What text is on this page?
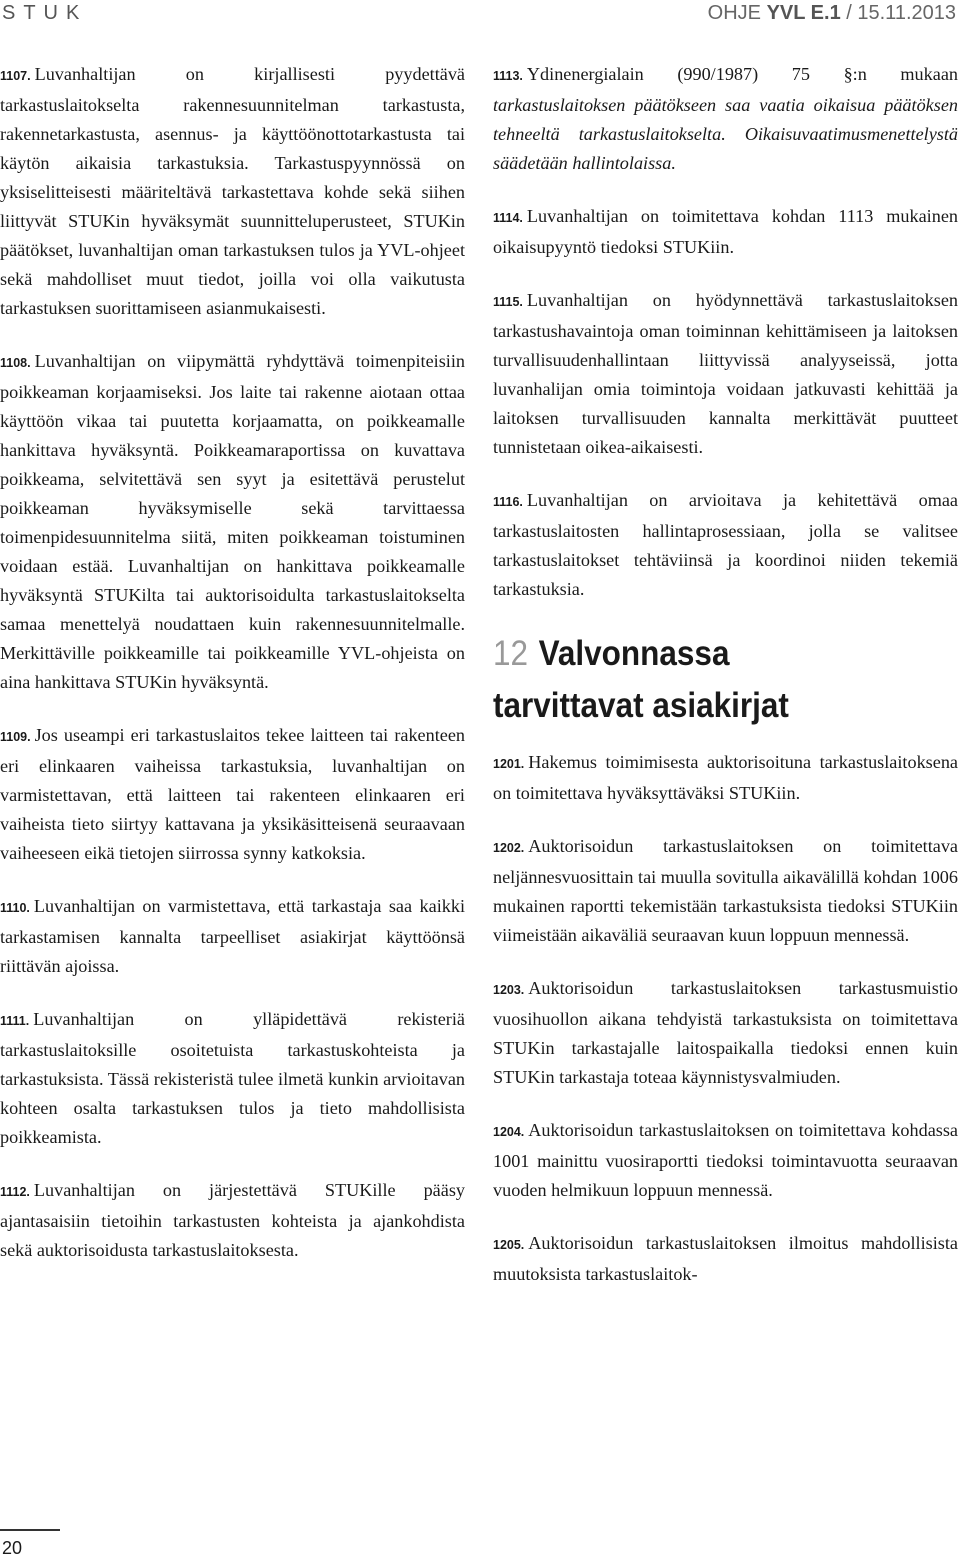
STUK	OHJE YVL E.1 / 15.11.2013

1107. Luvanhaltijan on kirjallisesti pyydettävä tarkastuslaitokselta rakennesuunnitelman tarkastusta, rakennetarkastusta, asennus- ja käyttöönottotarkastusta tai käytön aikaisia tarkastuksia. Tarkastuspyynnössä on yksiselitteisesti määriteltävä tarkastettava kohde sekä siihen liittyvät STUKin hyväksymät suunnitteluperusteet, STUKin päätökset, luvanhaltijan oman tarkastuksen tulos ja YVL-ohjeet sekä mahdolliset muut tiedot, joilla voi olla vaikutusta tarkastuksen suorittamiseen asianmukaisesti.

1108. Luvanhaltijan on viipymättä ryhdyttävä toimenpiteisiin poikkeaman korjaamiseksi. Jos laite tai rakenne aiotaan ottaa käyttöön vikaa tai puutetta korjaamatta, on poikkeamalle hankittava hyväksyntä. Poikkeamaraportissa on kuvattava poikkeama, selvitettävä sen syyt ja esitettävä perustelut poikkeaman hyväksymiselle sekä tarvittaessa toimenpidesuunnitelma siitä, miten poikkeaman toistuminen voidaan estää. Luvanhaltijan on hankittava poikkeamalle hyväksyntä STUKilta tai auktorisoidulta tarkastuslaitokselta samaa menettelyä noudattaen kuin rakennesuunnitelmalle. Merkittäville poikkeamille tai poikkeamille YVL-ohjeista on aina hankittava STUKin hyväksyntä.

1109. Jos useampi eri tarkastuslaitos tekee laitteen tai rakenteen eri elinkaaren vaiheissa tarkastuksia, luvanhaltijan on varmistettavan, että laitteen tai rakenteen elinkaaren eri vaiheista tieto siirtyy kattavana ja yksikäsitteisenä seuraavaan vaiheeseen eikä tietojen siirrossa synny katkoksia.

1110. Luvanhaltijan on varmistettava, että tarkastaja saa kaikki tarkastamisen kannalta tarpeelliset asiakirjat käyttöönsä riittävän ajoissa.

1111. Luvanhaltijan on ylläpidettävä rekisteriä tarkastuslaitoksille osoitetuista tarkastuskohteista ja tarkastuksista. Tässä rekisteristä tulee ilmetä kunkin arvioitavan kohteen osalta tarkastuksen tulos ja tieto mahdollisista poikkeamista.

1112. Luvanhaltijan on järjestettävä STUKille pääsy ajantasaisiin tietoihin tarkastusten kohteista ja ajankohdista sekä auktorisoidusta tarkastuslaitoksesta.

1113. Ydinenergialain (990/1987) 75 §:n mukaan tarkastuslaitoksen päätökseen saa vaatia oikaisua päätöksen tehneeltä tarkastuslaitokselta. Oikaisuvaatimusmenettelystä säädetään hallintolaissa.

1114. Luvanhaltijan on toimitettava kohdan 1113 mukainen oikaisupyyntö tiedoksi STUKiin.

1115. Luvanhaltijan on hyödynnettävä tarkastuslaitoksen tarkastushavaintoja oman toiminnan kehittämiseen ja laitoksen turvallisuudenhallintaan liittyvissä analyyseissä, jotta luvanhalijan omia toimintoja voidaan jatkuvasti kehittää ja laitoksen turvallisuuden kannalta merkittävät puutteet tunnistetaan oikea-aikaisesti.

1116. Luvanhaltijan on arvioitava ja kehitettävä omaa tarkastuslaitosten hallintaprosessiaan, jolla se valitsee tarkastuslaitokset tehtäviinsä ja koordinoi niiden tekemiä tarkastuksia.

12 Valvonnassa
tarvittavat asiakirjat

1201. Hakemus toimimisesta auktorisoituna tarkastuslaitoksena on toimitettava hyväksyttäväksi STUKiin.

1202. Auktorisoidun tarkastuslaitoksen on toimitettava neljännesvuosittain tai muulla sovitulla aikavälillä kohdan 1006 mukainen raportti tekemistään tarkastuksista tiedoksi STUKiin viimeistään aikaväliä seuraavan kuun loppuun mennessä.

1203. Auktorisoidun tarkastuslaitoksen tarkastusmuistio vuosihuollon aikana tehdyistä tarkastuksista on toimitettava STUKin tarkastajalle laitospaikalla tiedoksi ennen kuin STUKin tarkastaja toteaa käynnistysvalmiuden.

1204. Auktorisoidun tarkastuslaitoksen on toimitettava kohdassa 1001 mainittu vuosiraportti tiedoksi toimintavuotta seuraavan vuoden helmikuun loppuun mennessä.

1205. Auktorisoidun tarkastuslaitoksen ilmoitus mahdollisista muutoksista tarkastuslaitok-

20
